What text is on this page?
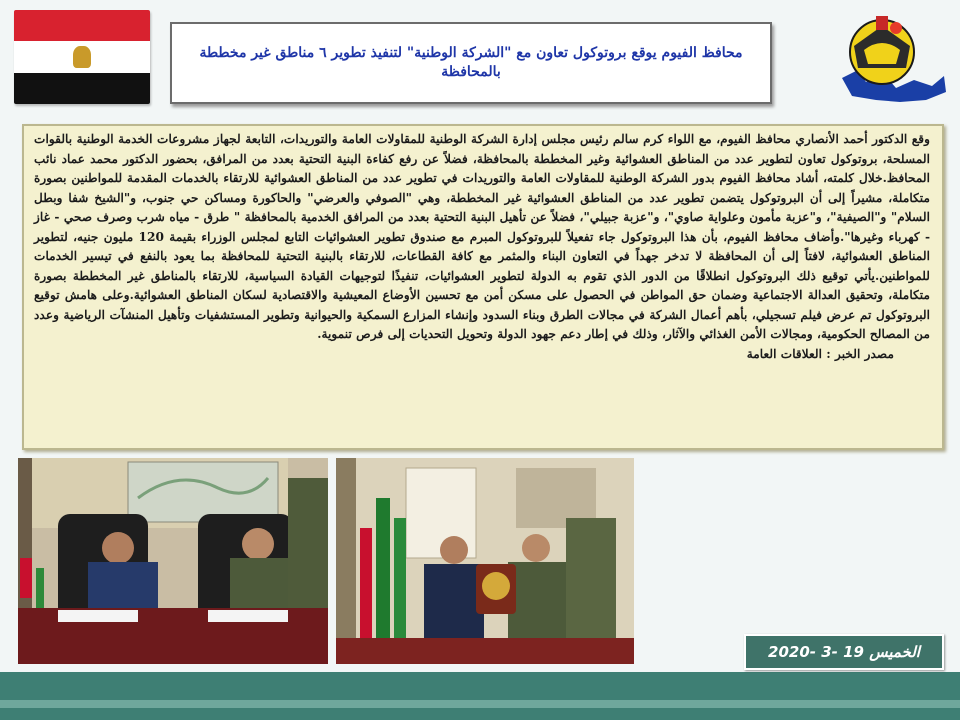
محافظ الفيوم يوقع بروتوكول تعاون مع "الشركة الوطنية" لتنفيذ تطوير ٦ مناطق غير مخططة بالمحافظة
وقع الدكتور أحمد الأنصاري محافظ الفيوم، مع اللواء كرم سالم رئيس مجلس إدارة الشركة الوطنية للمقاولات العامة والتوريدات، التابعة لجهاز مشروعات الخدمة الوطنية بالقوات المسلحة، بروتوكول تعاون لتطوير عدد من المناطق العشوائية وغير المخططة بالمحافظة، فضلاً عن رفع كفاءة البنية التحتية بعدد من المرافق، بحضور الدكتور محمد عماد نائب المحافظ.خلال كلمته، أشاد محافظ الفيوم بدور الشركة الوطنية للمقاولات العامة والتوريدات في تطوير عدد من المناطق العشوائية للارتقاء بالخدمات المقدمة للمواطنين بصورة متكاملة، مشيراً إلى أن البروتوكول يتضمن تطوير عدد من المناطق العشوائية غير المخططة، وهي "الصوفي والعرضي" والحاكورة ومساكن حي جنوب، و"الشيخ شفا وبطل السلام" و"الصيفية"، و"عزبة مأمون وعلواية صاوي"، و"عزبة جبيلي"، فضلاً عن تأهيل البنية التحتية بعدد من المرافق الخدمية بالمحافظة " طرق - مياه شرب وصرف صحي - غاز - كهرباء وغيرها".وأضاف محافظ الفيوم، بأن هذا البروتوكول جاء تفعيلاً للبروتوكول المبرم مع صندوق تطوير العشوائيات التابع لمجلس الوزراء بقيمة 120 مليون جنيه، لتطوير المناطق العشوائية، لافتاً إلى أن المحافظة لا تدخر جهداً في التعاون البناء والمثمر مع كافة القطاعات، للارتقاء بالبنية التحتية للمحافظة بما يعود بالنفع في تيسير الخدمات للمواطنين.يأتي توقيع ذلك البروتوكول انطلاقًا من الدور الذي تقوم به الدولة لتطوير العشوائيات، تنفيذًا لتوجيهات القيادة السياسية، للارتقاء بالمناطق غير المخططة بصورة متكاملة، وتحقيق العدالة الاجتماعية وضمان حق المواطن في الحصول على مسكن أمن مع تحسين الأوضاع المعيشية والاقتصادية لسكان المناطق العشوائية.وعلى هامش توقيع البروتوكول تم عرض فيلم تسجيلي، بأهم أعمال الشركة في مجالات الطرق وبناء السدود وإنشاء المزارع السمكية والحيوانية وتطوير المستشفيات وتأهيل المنشآت الرياضية وعدد من المصالح الحكومية، ومجالات الأمن الغذائي والآثار، وذلك في إطار دعم جهود الدولة وتحويل التحديات إلى فرص تنموية.
مصدر الخبر : العلاقات العامة
الخميس 19 -3 -2020
